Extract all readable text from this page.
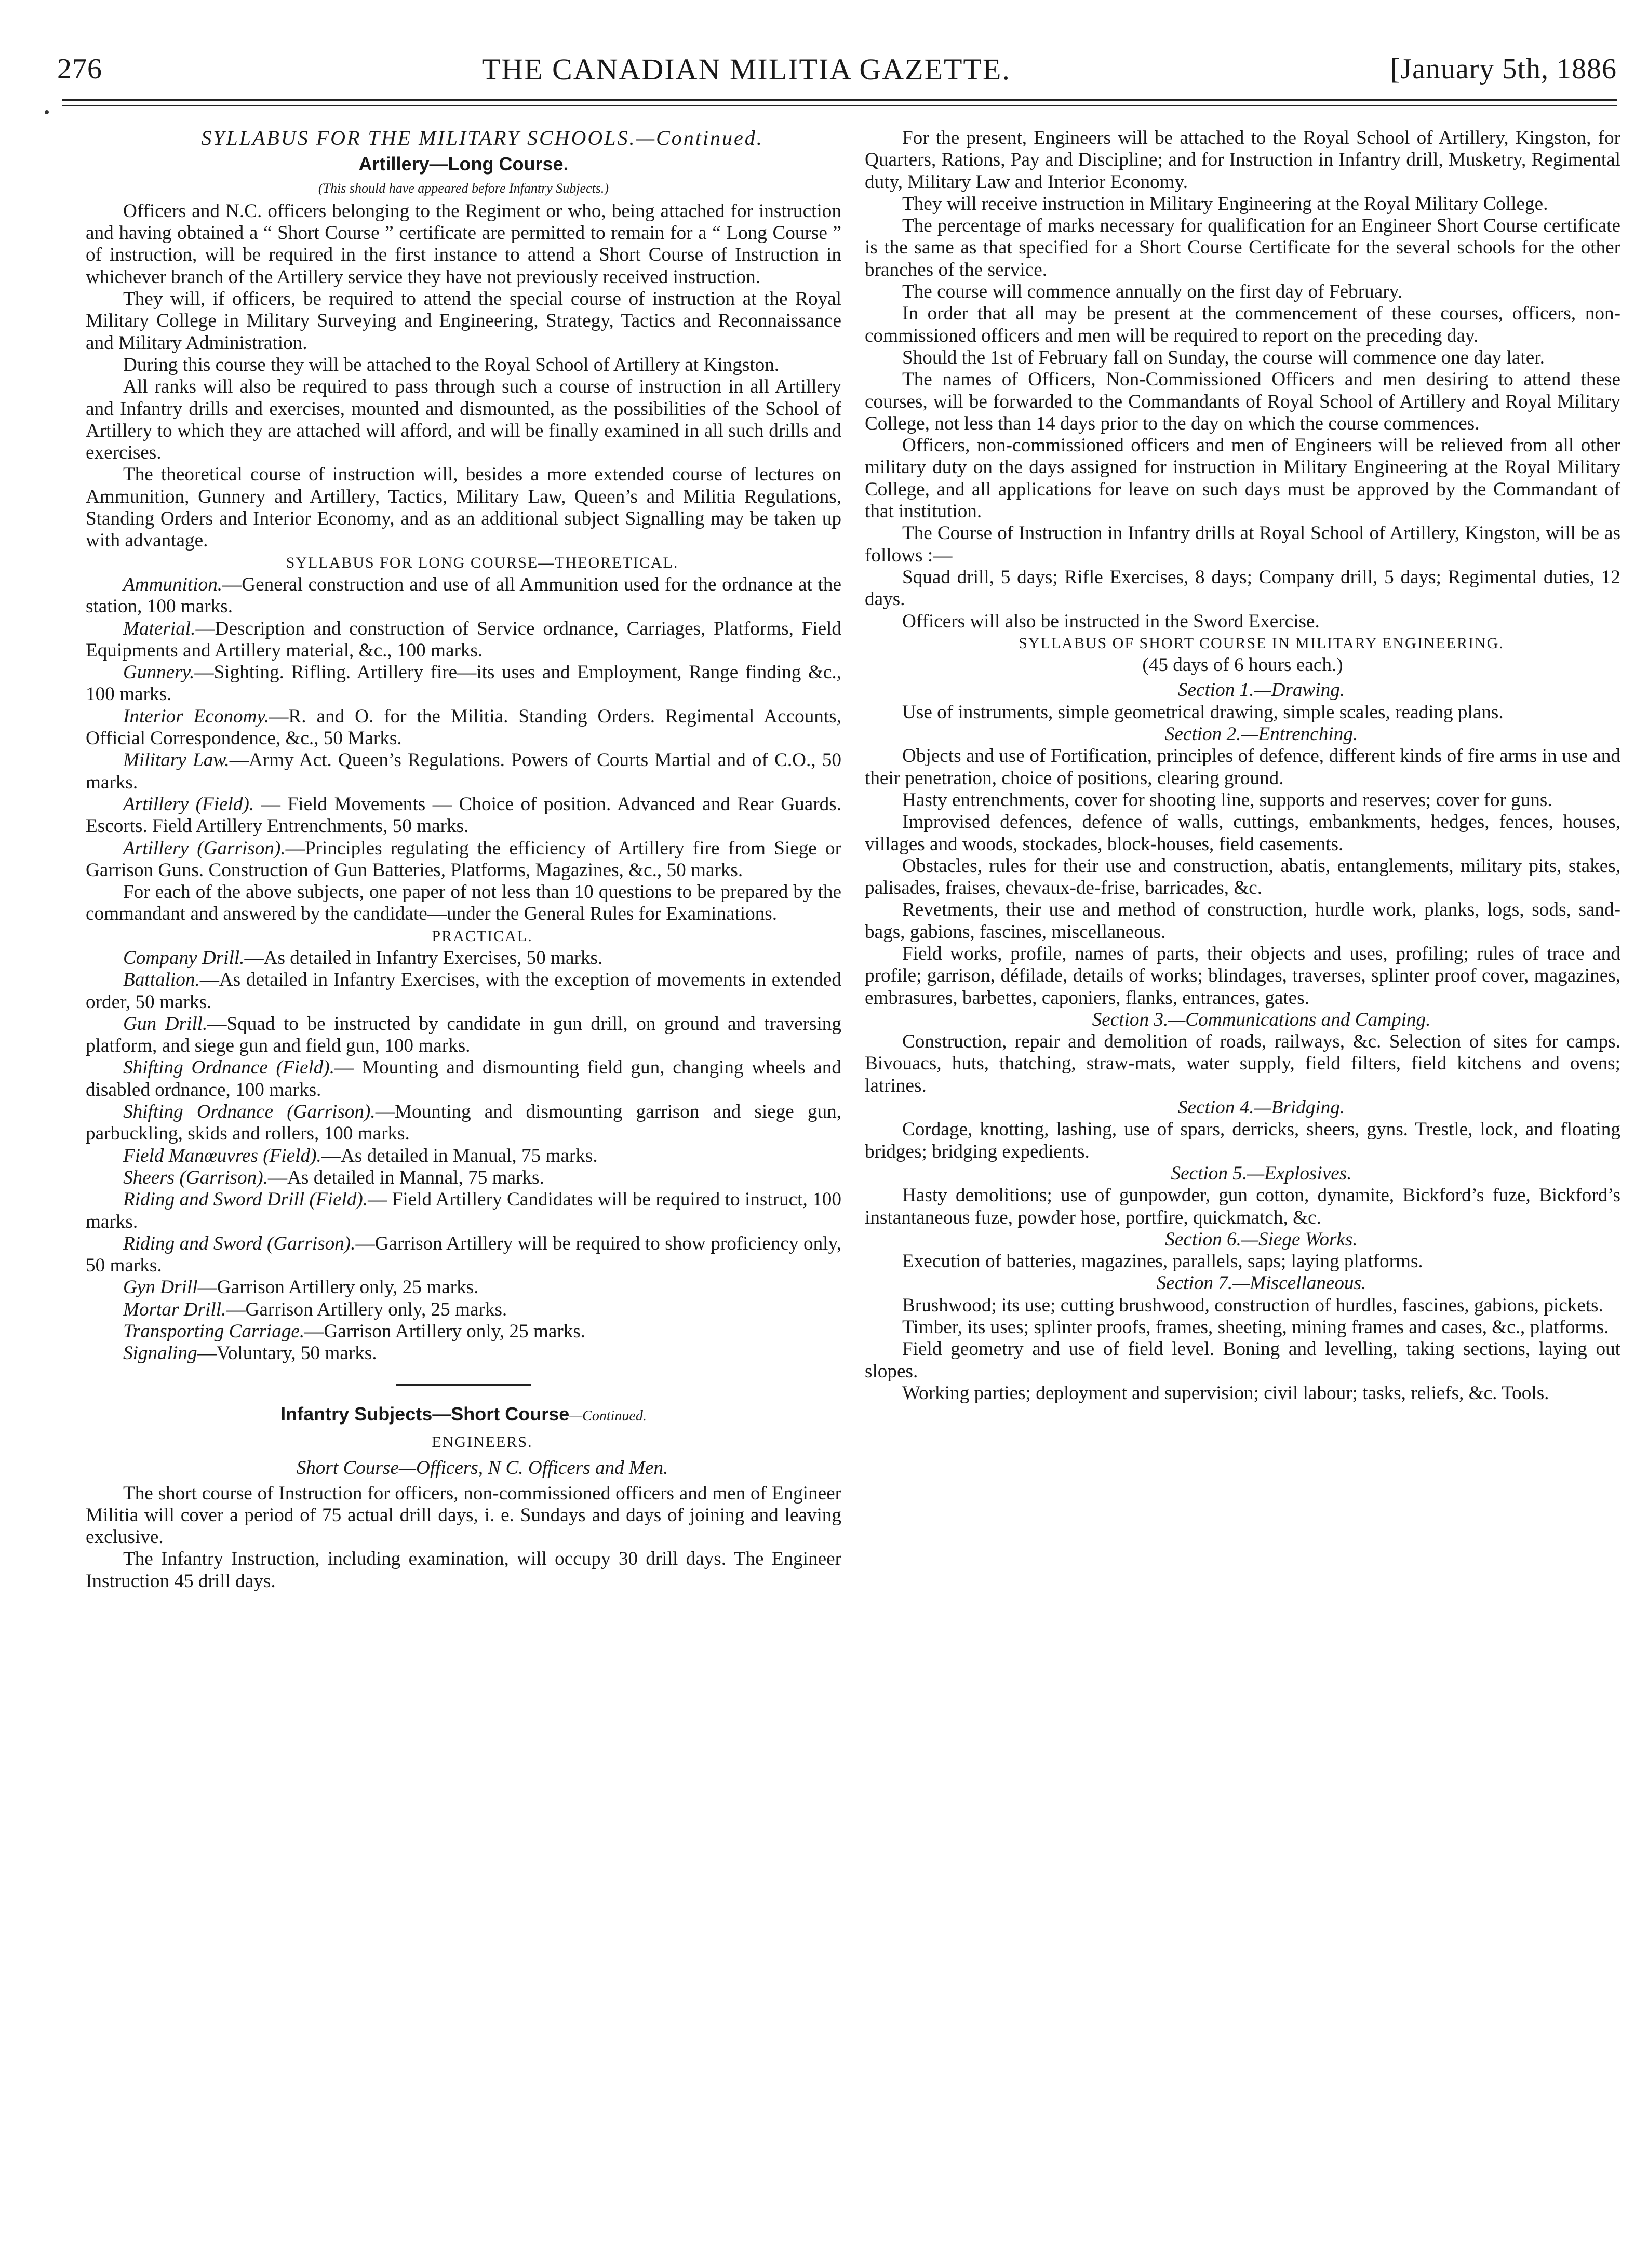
276	THE CANADIAN MILITIA GAZETTE.	[January 5th, 1886

SYLLABUS FOR THE MILITARY SCHOOLS.—Continued.

Artillery—Long Course.
(This should have appeared before Infantry Subjects.)

Officers and N.C. officers belonging to the Regiment or who, being attached for instruction and having obtained a “ Short Course ” certificate are permitted to remain for a “ Long Course ” of instruction, will be required in the first instance to attend a Short Course of Instruction in whichever branch of the Artillery service they have not previously received instruction.

They will, if officers, be required to attend the special course of instruction at the Royal Military College in Military Surveying and Engineering, Strategy, Tactics and Reconnaissance and Military Administration.

During this course they will be attached to the Royal School of Artillery at Kingston.

All ranks will also be required to pass through such a course of instruction in all Artillery and Infantry drills and exercises, mounted and dismounted, as the possibilities of the School of Artillery to which they are attached will afford, and will be finally examined in all such drills and exercises.

The theoretical course of instruction will, besides a more extended course of lectures on Ammunition, Gunnery and Artillery, Tactics, Military Law, Queen’s and Militia Regulations, Standing Orders and Interior Economy, and as an additional subject Signalling may be taken up with advantage.

SYLLABUS FOR LONG COURSE—THEORETICAL.

Ammunition.—General construction and use of all Ammunition used for the ordnance at the station, 100 marks.

Material.—Description and construction of Service ordnance, Carriages, Platforms, Field Equipments and Artillery material, &c., 100 marks.

Gunnery.—Sighting. Rifling. Artillery fire—its uses and Employment, Range finding &c., 100 marks.

Interior Economy.—R. and O. for the Militia. Standing Orders. Regimental Accounts, Official Correspondence, &c., 50 Marks.

Military Law.—Army Act. Queen’s Regulations. Powers of Courts Martial and of C.O., 50 marks.

Artillery (Field). — Field Movements — Choice of position. Advanced and Rear Guards. Escorts. Field Artillery Entrenchments, 50 marks.

Artillery (Garrison).—Principles regulating the efficiency of Artillery fire from Siege or Garrison Guns. Construction of Gun Batteries, Platforms, Magazines, &c., 50 marks.

For each of the above subjects, one paper of not less than 10 questions to be prepared by the commandant and answered by the candidate—under the General Rules for Examinations.

PRACTICAL.

Company Drill.—As detailed in Infantry Exercises, 50 marks.

Battalion.—As detailed in Infantry Exercises, with the exception of movements in extended order, 50 marks.

Gun Drill.—Squad to be instructed by candidate in gun drill, on ground and traversing platform, and siege gun and field gun, 100 marks.

Shifting Ordnance (Field).— Mounting and dismounting field gun, changing wheels and disabled ordnance, 100 marks.

Shifting Ordnance (Garrison).—Mounting and dismounting garrison and siege gun, parbuckling, skids and rollers, 100 marks.

Field Manœuvres (Field).—As detailed in Manual, 75 marks.

Sheers (Garrison).—As detailed in Mannal, 75 marks.

Riding and Sword Drill (Field).— Field Artillery Candidates will be required to instruct, 100 marks.

Riding and Sword (Garrison).—Garrison Artillery will be required to show proficiency only, 50 marks.

Gyn Drill—Garrison Artillery only, 25 marks.

Mortar Drill.—Garrison Artillery only, 25 marks.

Transporting Carriage.—Garrison Artillery only, 25 marks.

Signaling—Voluntary, 50 marks.

Infantry Subjects—Short Course—Continued.

ENGINEERS.

Short Course—Officers, N C. Officers and Men.

The short course of Instruction for officers, non-commissioned officers and men of Engineer Militia will cover a period of 75 actual drill days, i. e. Sundays and days of joining and leaving exclusive.

The Infantry Instruction, including examination, will occupy 30 drill days. The Engineer Instruction 45 drill days.

For the present, Engineers will be attached to the Royal School of Artillery, Kingston, for Quarters, Rations, Pay and Discipline; and for Instruction in Infantry drill, Musketry, Regimental duty, Military Law and Interior Economy.

They will receive instruction in Military Engineering at the Royal Military College.

The percentage of marks necessary for qualification for an Engineer Short Course certificate is the same as that specified for a Short Course Certificate for the several schools for the other branches of the service.

The course will commence annually on the first day of February.

In order that all may be present at the commencement of these courses, officers, non-commissioned officers and men will be required to report on the preceding day.

Should the 1st of February fall on Sunday, the course will commence one day later.

The names of Officers, Non-Commissioned Officers and men desiring to attend these courses, will be forwarded to the Commandants of Royal School of Artillery and Royal Military College, not less than 14 days prior to the day on which the course commences.

Officers, non-commissioned officers and men of Engineers will be relieved from all other military duty on the days assigned for instruction in Military Engineering at the Royal Military College, and all applications for leave on such days must be approved by the Commandant of that institution.

The Course of Instruction in Infantry drills at Royal School of Artillery, Kingston, will be as follows :—

Squad drill, 5 days; Rifle Exercises, 8 days; Company drill, 5 days; Regimental duties, 12 days.

Officers will also be instructed in the Sword Exercise.

SYLLABUS OF SHORT COURSE IN MILITARY ENGINEERING.

(45 days of 6 hours each.)

Section 1.—Drawing.

Use of instruments, simple geometrical drawing, simple scales, reading plans.

Section 2.—Entrenching.

Objects and use of Fortification, principles of defence, different kinds of fire arms in use and their penetration, choice of positions, clearing ground.

Hasty entrenchments, cover for shooting line, supports and reserves; cover for guns.

Improvised defences, defence of walls, cuttings, embankments, hedges, fences, houses, villages and woods, stockades, block-houses, field casements.

Obstacles, rules for their use and construction, abatis, entanglements, military pits, stakes, palisades, fraises, chevaux-de-frise, barricades, &c.

Revetments, their use and method of construction, hurdle work, planks, logs, sods, sand-bags, gabions, fascines, miscellaneous.

Field works, profile, names of parts, their objects and uses, profiling; rules of trace and profile; garrison, défilade, details of works; blindages, traverses, splinter proof cover, magazines, embrasures, barbettes, caponiers, flanks, entrances, gates.

Section 3.—Communications and Camping.

Construction, repair and demolition of roads, railways, &c. Selection of sites for camps. Bivouacs, huts, thatching, straw-mats, water supply, field filters, field kitchens and ovens; latrines.

Section 4.—Bridging.

Cordage, knotting, lashing, use of spars, derricks, sheers, gyns. Trestle, lock, and floating bridges; bridging expedients.

Section 5.—Explosives.

Hasty demolitions; use of gunpowder, gun cotton, dynamite, Bickford’s fuze, Bickford’s instantaneous fuze, powder hose, portfire, quickmatch, &c.

Section 6.—Siege Works.

Execution of batteries, magazines, parallels, saps; laying platforms.

Section 7.—Miscellaneous.

Brushwood; its use; cutting brushwood, construction of hurdles, fascines, gabions, pickets.

Timber, its uses; splinter proofs, frames, sheeting, mining frames and cases, &c., platforms.

Field geometry and use of field level. Boning and levelling, taking sections, laying out slopes.

Working parties; deployment and supervision; civil labour; tasks, reliefs, &c. Tools.
